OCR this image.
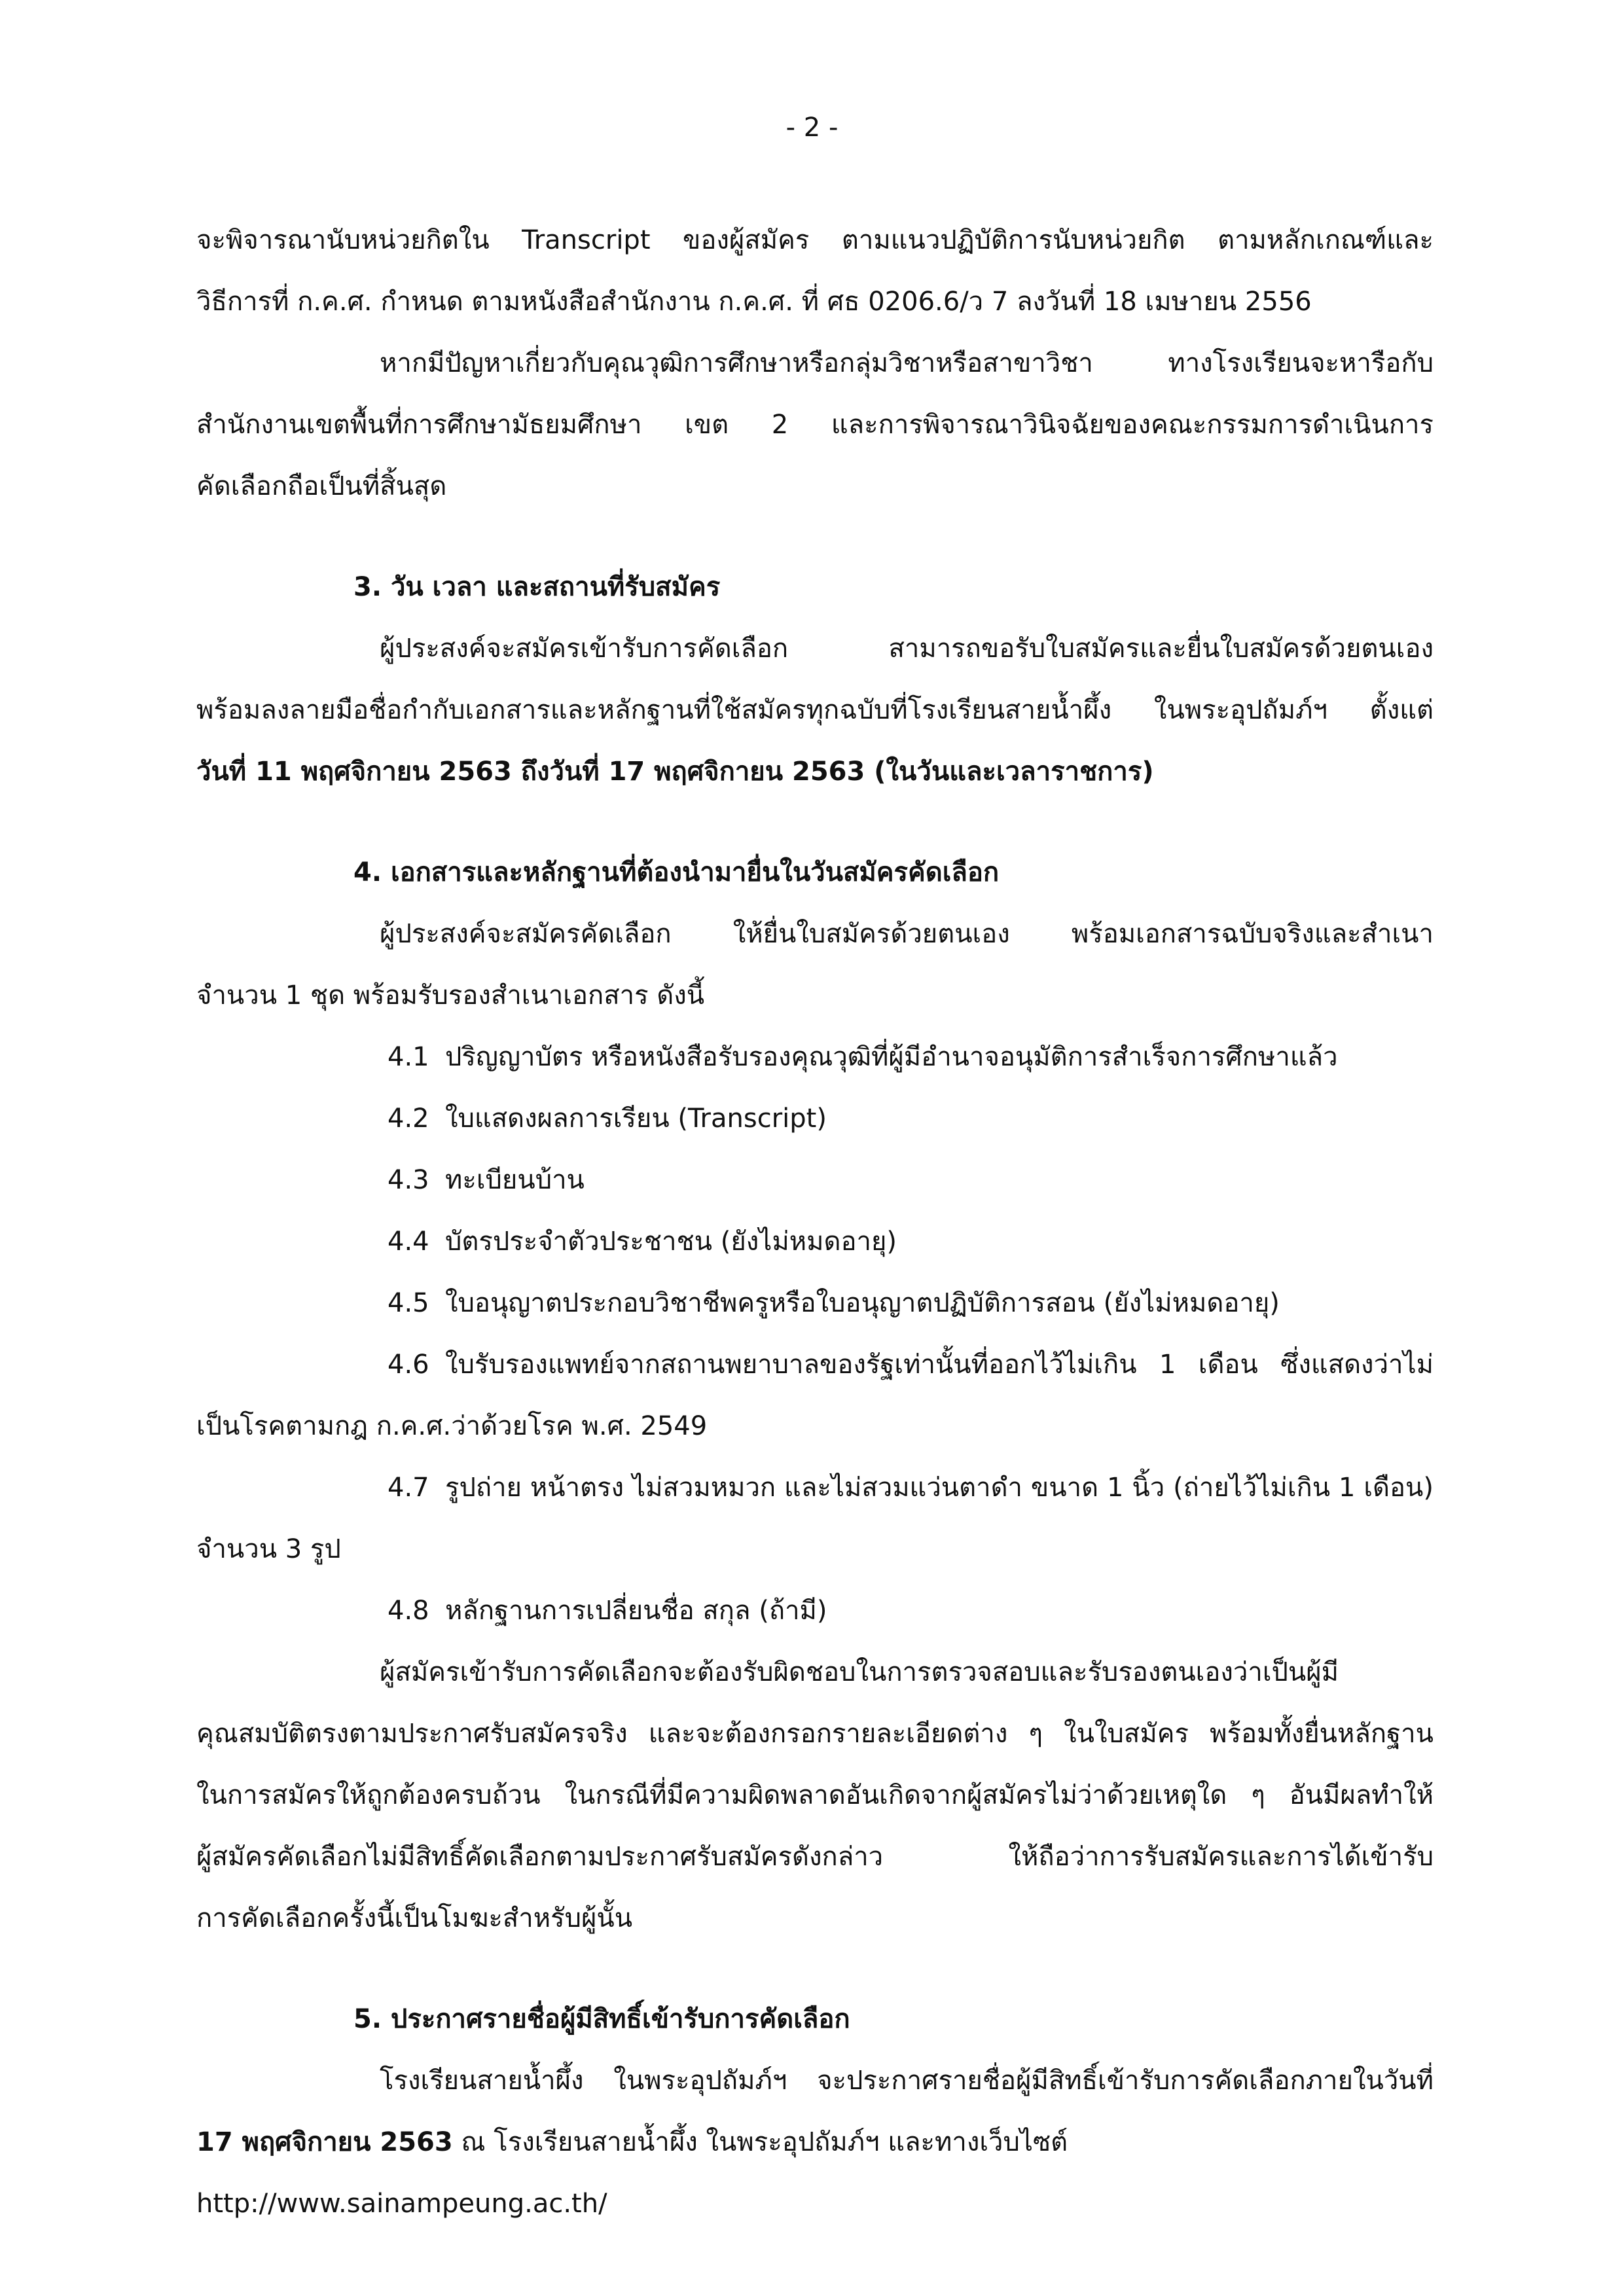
- 2 -

จะพิจารณานับหน่วยกิตใน Transcript ของผู้สมัคร ตามแนวปฏิบัติการนับหน่วยกิต ตามหลักเกณฑ์และ

วิธีการที่ ก.ค.ศ. กำหนด ตามหนังสือสำนักงาน ก.ค.ศ. ที่ ศธ 0206.6/ว 7 ลงวันที่ 18 เมษายน 2556

หากมีปัญหาเกี่ยวกับคุณวุฒิการศึกษาหรือกลุ่มวิชาหรือสาขาวิชา ทางโรงเรียนจะหารือกับ

สำนักงานเขตพื้นที่การศึกษามัธยมศึกษา เขต 2 และการพิจารณาวินิจฉัยของคณะกรรมการดำเนินการ

คัดเลือกถือเป็นที่สิ้นสุด

3. วัน เวลา และสถานที่รับสมัคร

ผู้ประสงค์จะสมัครเข้ารับการคัดเลือก สามารถขอรับใบสมัครและยื่นใบสมัครด้วยตนเอง

พร้อมลงลายมือชื่อกำกับเอกสารและหลักฐานที่ใช้สมัครทุกฉบับที่โรงเรียนสายน้ำผึ้ง ในพระอุปถัมภ์ฯ ตั้งแต่

วันที่ 11 พฤศจิกายน 2563 ถึงวันที่ 17 พฤศจิกายน 2563 (ในวันและเวลาราชการ)

4. เอกสารและหลักฐานที่ต้องนำมายื่นในวันสมัครคัดเลือก

ผู้ประสงค์จะสมัครคัดเลือก ให้ยื่นใบสมัครด้วยตนเอง พร้อมเอกสารฉบับจริงและสำเนา

จำนวน 1 ชุด พร้อมรับรองสำเนาเอกสาร ดังนี้

4.1 ปริญญาบัตร หรือหนังสือรับรองคุณวุฒิที่ผู้มีอำนาจอนุมัติการสำเร็จการศึกษาแล้ว

4.2 ใบแสดงผลการเรียน (Transcript)

4.3 ทะเบียนบ้าน

4.4 บัตรประจำตัวประชาชน (ยังไม่หมดอายุ)

4.5 ใบอนุญาตประกอบวิชาชีพครูหรือใบอนุญาตปฏิบัติการสอน (ยังไม่หมดอายุ)

4.6 ใบรับรองแพทย์จากสถานพยาบาลของรัฐเท่านั้นที่ออกไว้ไม่เกิน 1 เดือน ซึ่งแสดงว่าไม่

เป็นโรคตามกฎ ก.ค.ศ.ว่าด้วยโรค พ.ศ. 2549

4.7 รูปถ่าย หน้าตรง ไม่สวมหมวก และไม่สวมแว่นตาดำ ขนาด 1 นิ้ว (ถ่ายไว้ไม่เกิน 1 เดือน)

จำนวน 3 รูป

4.8 หลักฐานการเปลี่ยนชื่อ สกุล (ถ้ามี)

ผู้สมัครเข้ารับการคัดเลือกจะต้องรับผิดชอบในการตรวจสอบและรับรองตนเองว่าเป็นผู้มี

คุณสมบัติตรงตามประกาศรับสมัครจริง และจะต้องกรอกรายละเอียดต่าง ๆ ในใบสมัคร พร้อมทั้งยื่นหลักฐาน

ในการสมัครให้ถูกต้องครบถ้วน ในกรณีที่มีความผิดพลาดอันเกิดจากผู้สมัครไม่ว่าด้วยเหตุใด ๆ อันมีผลทำให้

ผู้สมัครคัดเลือกไม่มีสิทธิ์คัดเลือกตามประกาศรับสมัครดังกล่าว ให้ถือว่าการรับสมัครและการได้เข้ารับ

การคัดเลือกครั้งนี้เป็นโมฆะสำหรับผู้นั้น

5. ประกาศรายชื่อผู้มีสิทธิ์เข้ารับการคัดเลือก

โรงเรียนสายน้ำผึ้ง ในพระอุปถัมภ์ฯ จะประกาศรายชื่อผู้มีสิทธิ์เข้ารับการคัดเลือกภายในวันที่

17 พฤศจิกายน 2563 ณ โรงเรียนสายน้ำผึ้ง ในพระอุปถัมภ์ฯ และทางเว็บไซต์ http://www.sainampeung.ac.th/
